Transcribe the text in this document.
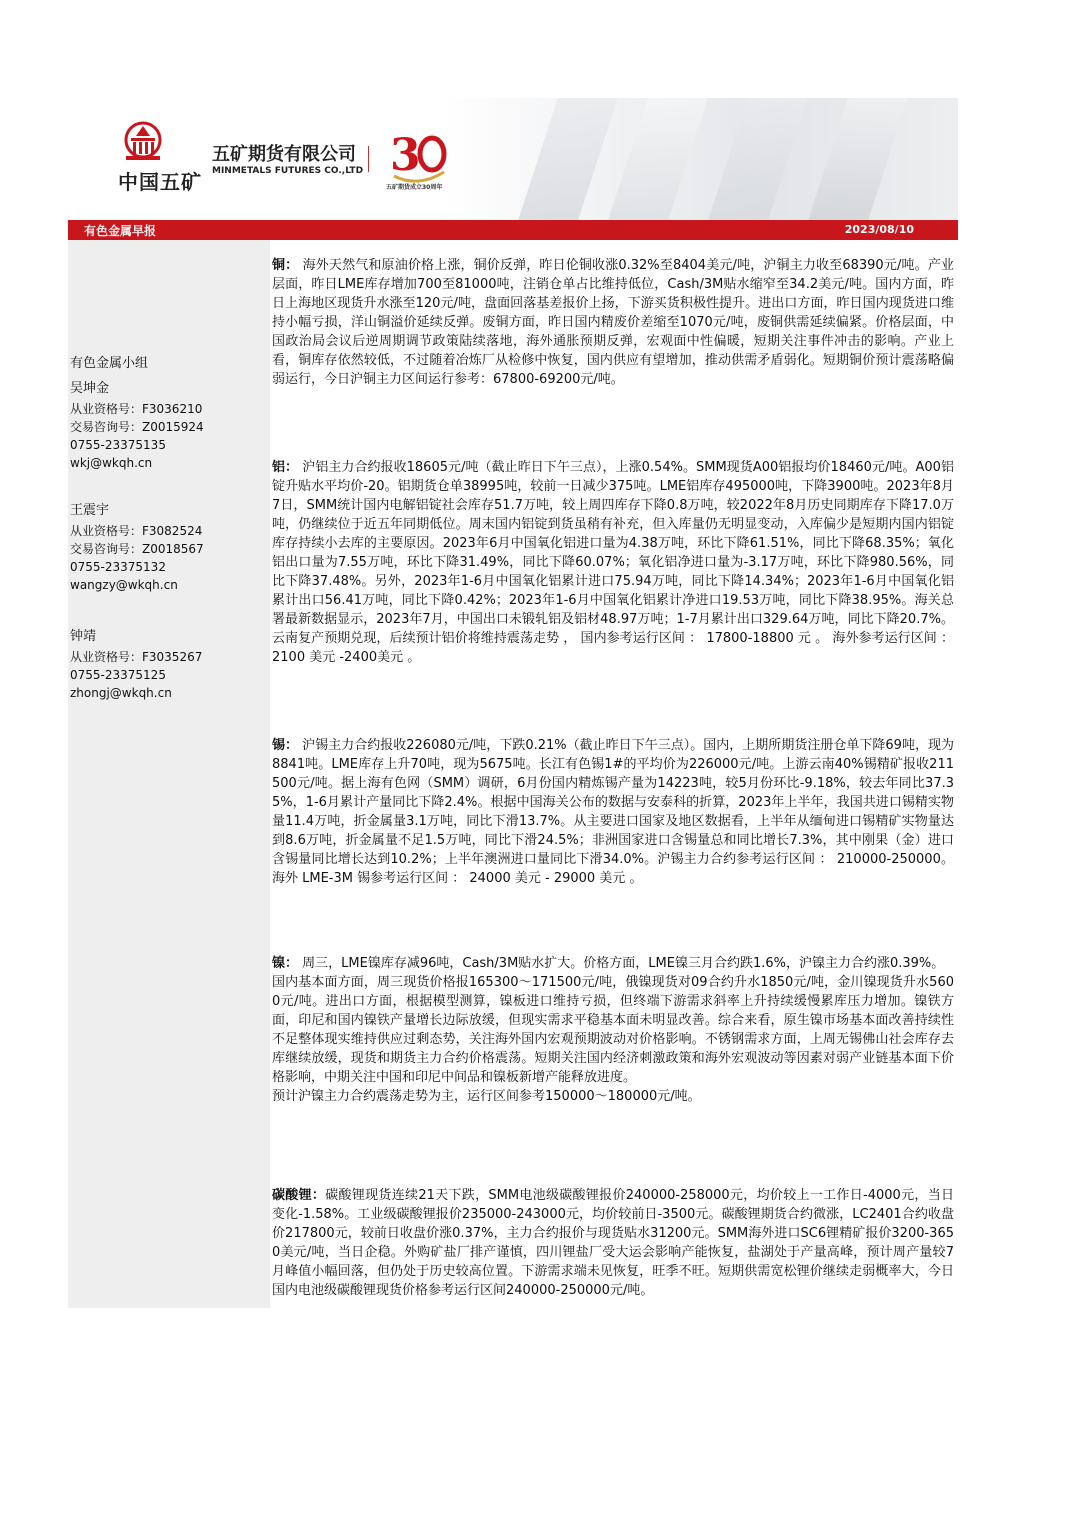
中国五矿
五矿期货有限公司
MINMETALS FUTURES CO.,LTD 3
五矿期货成立30周年
有色金属早报	2023/08/10
有色金属小组
吴坤金
从业资格号：F3036210
交易咨询号：Z0015924
0755-23375135
wkj@wkqh.cn
王震宇
从业资格号：F3082524
交易咨询号：Z0018567
0755-23375132
wangzy@wkqh.cn
钟靖
从业资格号：F3035267
0755-23375125
zhongj@wkqh.cn

铜： 海外天然气和原油价格上涨，铜价反弹，昨日伦铜收涨0.32%至8404美元/吨，沪铜主力收至68390元/吨。产业层面，昨日LME库存增加700至81000吨，注销仓单占比维持低位，Cash/3M贴水缩窄至34.2美元/吨。国内方面，昨日上海地区现货升水涨至120元/吨，盘面回落基差报价上扬，下游买货积极性提升。进出口方面，昨日国内现货进口维持小幅亏损，洋山铜溢价延续反弹。废铜方面，昨日国内精废价差缩至1070元/吨，废铜供需延续偏紧。价格层面，中国政治局会议后逆周期调节政策陆续落地，海外通胀预期反弹，宏观面中性偏暖，短期关注事件冲击的影响。产业上看，铜库存依然较低，不过随着冶炼厂从检修中恢复，国内供应有望增加，推动供需矛盾弱化。短期铜价预计震荡略偏弱运行，今日沪铜主力区间运行参考：67800-69200元/吨。

铝： 沪铝主力合约报收18605元/吨（截止昨日下午三点），上涨0.54%。SMM现货A00铝报均价18460元/吨。A00铝锭升贴水平均价-20。铝期货仓单38995吨，较前一日减少375吨。LME铝库存495000吨，下降3900吨。2023年8月7日，SMM统计国内电解铝锭社会库存51.7万吨，较上周四库存下降0.8万吨，较2022年8月历史同期库存下降17.0万吨，仍继续位于近五年同期低位。周末国内铝锭到货虽稍有补充，但入库量仍无明显变动，入库偏少是短期内国内铝锭库存持续小去库的主要原因。2023年6月中国氧化铝进口量为4.38万吨，环比下降61.51%，同比下降68.35%；氧化铝出口量为7.55万吨，环比下降31.49%，同比下降60.07%；氧化铝净进口量为-3.17万吨，环比下降980.56%，同比下降37.48%。另外，2023年1-6月中国氧化铝累计进口75.94万吨，同比下降14.34%；2023年1-6月中国氧化铝累计出口56.41万吨，同比下降0.42%；2023年1-6月中国氧化铝累计净进口19.53万吨，同比下降38.95%。海关总署最新数据显示，2023年7月，中国出口未锻轧铝及铝材48.97万吨；1-7月累计出口329.64万吨，同比下降20.7%。云南复产预期兑现，后续预计铝价将维持震荡走势 ， 国内参考运行区间 ： 17800-18800 元 。 海外参考运行区间 ： 2100 美元 -2400美元 。

锡： 沪锡主力合约报收226080元/吨，下跌0.21%（截止昨日下午三点）。国内，上期所期货注册仓单下降69吨，现为8841吨。LME库存上升70吨，现为5675吨。长江有色锡1#的平均价为226000元/吨。上游云南40%锡精矿报收211500元/吨。据上海有色网（SMM）调研，6月份国内精炼锡产量为14223吨，较5月份环比-9.18%，较去年同比37.35%，1-6月累计产量同比下降2.4%。根据中国海关公布的数据与安泰科的折算，2023年上半年，我国共进口锡精实物量11.4万吨，折金属量3.1万吨，同比下滑13.7%。从主要进口国家及地区数据看，上半年从缅甸进口锡精矿实物量达到8.6万吨，折金属量不足1.5万吨，同比下滑24.5%；非洲国家进口含锡量总和同比增长7.3%，其中刚果（金）进口含锡量同比增长达到10.2%；上半年澳洲进口量同比下滑34.0%。沪锡主力合约参考运行区间 ： 210000-250000。 海外 LME-3M 锡参考运行区间 ： 24000 美元 - 29000 美元 。

镍： 周三，LME镍库存减96吨，Cash/3M贴水扩大。价格方面，LME镍三月合约跌1.6%，沪镍主力合约涨0.39%。

国内基本面方面，周三现货价格报165300～171500元/吨，俄镍现货对09合约升水1850元/吨，金川镍现货升水5600元/吨。进出口方面，根据模型测算，镍板进口维持亏损，但终端下游需求斜率上升持续缓慢累库压力增加。镍铁方面，印尼和国内镍铁产量增长边际放缓，但现实需求平稳基本面未明显改善。综合来看，原生镍市场基本面改善持续性不足整体现实维持供应过剩态势，关注海外国内宏观预期波动对价格影响。不锈钢需求方面，上周无锡佛山社会库存去库继续放缓，现货和期货主力合约价格震荡。短期关注国内经济刺激政策和海外宏观波动等因素对弱产业链基本面下价格影响，中期关注中国和印尼中间品和镍板新增产能释放进度。

预计沪镍主力合约震荡走势为主，运行区间参考150000～180000元/吨。

碳酸锂：碳酸锂现货连续21天下跌，SMM电池级碳酸锂报价240000-258000元，均价较上一工作日-4000元，当日变化-1.58%。工业级碳酸锂报价235000-243000元，均价较前日-3500元。碳酸锂期货合约微涨，LC2401合约收盘价217800元，较前日收盘价涨0.37%，主力合约报价与现货贴水31200元。SMM海外进口SC6锂精矿报价3200-3650美元/吨，当日企稳。外购矿盐厂排产谨慎，四川锂盐厂受大运会影响产能恢复，盐湖处于产量高峰，预计周产量较7月峰值小幅回落，但仍处于历史较高位置。下游需求端未见恢复，旺季不旺。短期供需宽松锂价继续走弱概率大，今日国内电池级碳酸锂现货价格参考运行区间240000-250000元/吨。
